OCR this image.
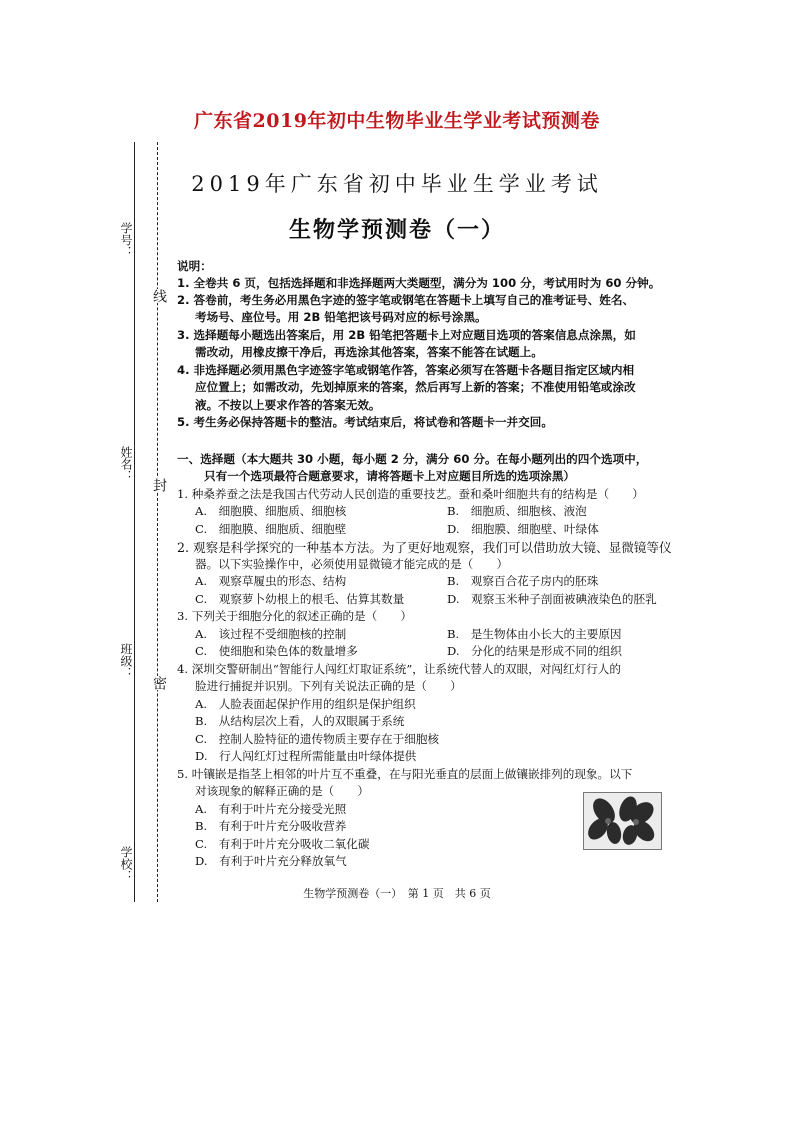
广东省2019年初中生物毕业生学业考试预测卷
2019年广东省初中毕业生学业考试
生物学预测卷（一）
学号：
姓名：
班级：
学校：
线
封
密
说明：
1. 全卷共 6 页，包括选择题和非选择题两大类题型，满分为 100 分，考试用时为 60 分钟。
2. 答卷前，考生务必用黑色字迹的签字笔或钢笔在答题卡上填写自己的准考证号、姓名、
考场号、座位号。用 2B 铅笔把该号码对应的标号涂黑。
3. 选择题每小题选出答案后，用 2B 铅笔把答题卡上对应题目选项的答案信息点涂黑，如
需改动，用橡皮擦干净后，再选涂其他答案，答案不能答在试题上。
4. 非选择题必须用黑色字迹签字笔或钢笔作答，答案必须写在答题卡各题目指定区域内相
应位置上；如需改动，先划掉原来的答案，然后再写上新的答案；不准使用铅笔或涂改
液。不按以上要求作答的答案无效。
5. 考生务必保持答题卡的整洁。考试结束后，将试卷和答题卡一并交回。
一、选择题（本大题共 30 小题，每小题 2 分，满分 60 分。在每小题列出的四个选项中，
只有一个选项最符合题意要求，请将答题卡上对应题目所选的选项涂黑）
1. 种桑养蚕之法是我国古代劳动人民创造的重要技艺。蚕和桑叶细胞共有的结构是（　　）
A.　细胞膜、细胞质、细胞核	B.　细胞质、细胞核、液泡
C.　细胞膜、细胞质、细胞壁	D.　细胞膜、细胞壁、叶绿体
2. 观察是科学探究的一种基本方法。为了更好地观察，我们可以借助放大镜、显微镜等仪
器。以下实验操作中，必须使用显微镜才能完成的是（　　）
A.　观察草履虫的形态、结构	B.　观察百合花子房内的胚珠
C.　观察萝卜幼根上的根毛、估算其数量	D.　观察玉米种子剖面被碘液染色的胚乳
3. 下列关于细胞分化的叙述正确的是（　　）
A.　该过程不受细胞核的控制	B.　是生物体由小长大的主要原因
C.　使细胞和染色体的数量增多	D.　分化的结果是形成不同的组织
4. 深圳交警研制出“智能行人闯红灯取证系统”，让系统代替人的双眼，对闯红灯行人的
脸进行捕捉并识别。下列有关说法正确的是（　　）
A.　人脸表面起保护作用的组织是保护组织
B.　从结构层次上看，人的双眼属于系统
C.　控制人脸特征的遗传物质主要存在于细胞核
D.　行人闯红灯过程所需能量由叶绿体提供
5. 叶镶嵌是指茎上相邻的叶片互不重叠，在与阳光垂直的层面上做镶嵌排列的现象。以下
对该现象的解释正确的是（　　）
A.　有利于叶片充分接受光照
B.　有利于叶片充分吸收营养
C.　有利于叶片充分吸收二氧化碳
D.　有利于叶片充分释放氧气
生物学预测卷（一）　第 1 页　共 6 页
